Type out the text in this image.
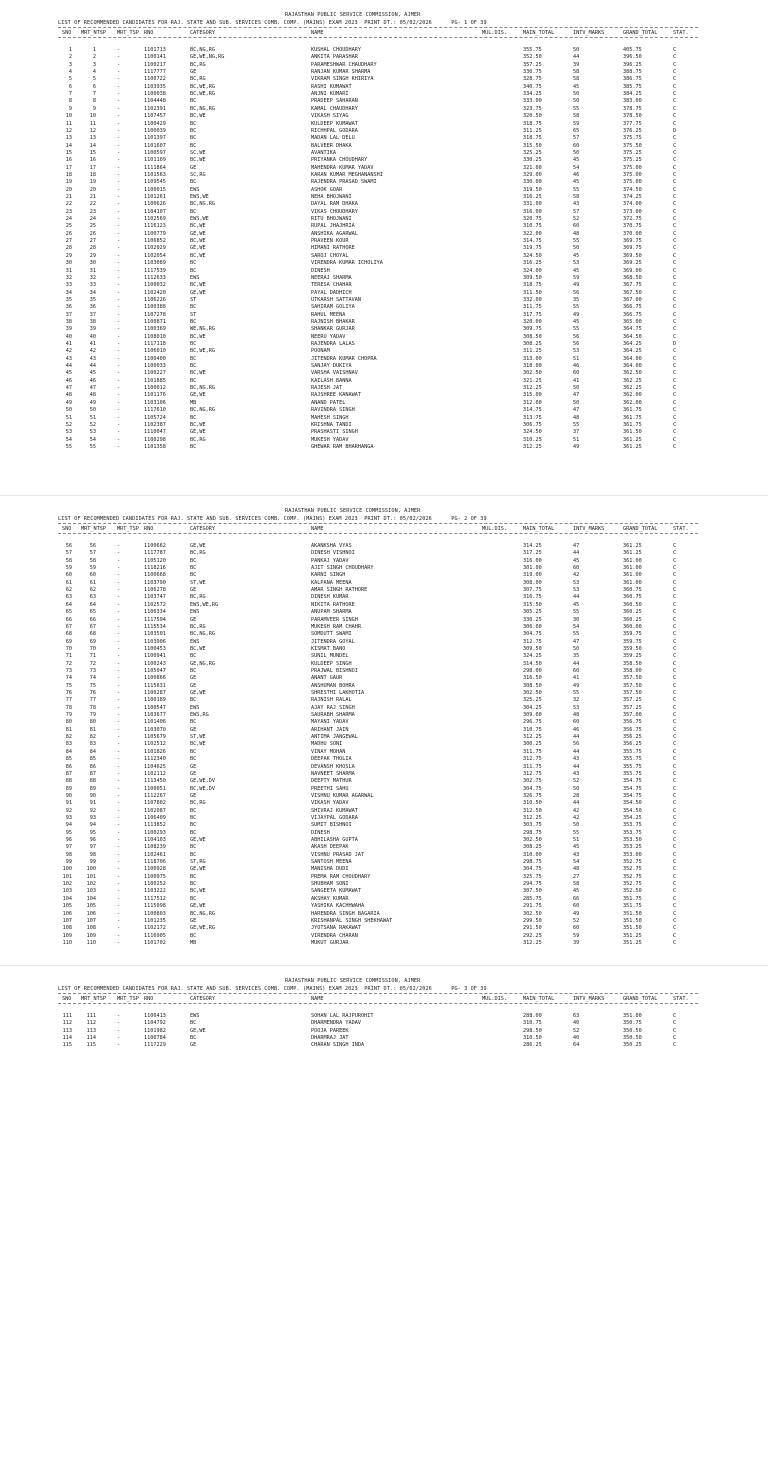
RAJASTHAN PUBLIC SERVICE COMMISSION, AJMER
LIST OF RECOMMENDED CANDIDATES FOR RAJ. STATE AND SUB. SERVICES COMB. COMP. (MAINS) EXAM 2023 PRINT DT.: 05/02/2026	PG- 1 OF 39
SNO MRT_NTSP MRT_TSP RNO	CATEGORY	NAME	MUL.DIS.	MAIN_TOTAL	INTV_MARKS	GRAND_TOTAL	STAT.
1	1	-	1101713	BC,NG,RG	KUSHAL CHOUDHARY	355.75	50	405.75	C
2	2	-	1100141	GE,WE,NG,RG	ANKITA PARASHAR	352.50	44	396.50	C
3	3	-	1100217	BC,RG	PARAMESHWAR CHAUDHARY	357.25	39	396.25	C
4	4	-	1117777	GE	RANJAN KUMAR SHARMA	330.75	58	388.75	C
5	5	-	1100722	BC,RG	VIKRAM SINGH KHIRIYA	328.75	58	386.75	C
6	6	-	1103935	BC,WE,RG	RASHI KUMAWAT	340.75	45	385.75	C
7	7	-	1100038	BC,WE,RG	ANJNI KUMARI	334.25	50	384.25	C
8	8	-	1104448	BC	PRADEEP SAHARAN	333.00	50	383.00	C
9	9	-	1102391	BC,NG,RG	KAMAL CHAUDHARY	323.75	55	378.75	C
10	10	-	1107457	BC,WE	VIKASH SIYAG	320.50	58	378.50	C
11	11	-	1100429	BC	KULDEEP KUMAWAT	318.75	59	377.75	C
12	12	-	1100039	BC	RICHHPAL GODARA	311.25	65	376.25	D
13	13	-	1101397	BC	MADAN LAL DELU	318.75	57	375.75	C
14	14	-	1101607	BC	BALVEER DHAKA	315.50	60	375.50	C
15	15	-	1100597	SC,WE	AVANTIKA	325.25	50	375.25	C
16	16	-	1101109	BC,WE	PRIYANKA CHOUDHARY	330.25	45	375.25	C
17	17	-	1111864	GE	MAHENDRA KUMAR YADAV	321.00	54	375.00	C
18	18	-	1101563	SC,RG	KARAN KUMAR MEGHANANSHI	329.00	46	375.00	C
19	19	-	1109545	BC	RAJENDRA PRASAD SWAMI	330.00	45	375.00	C
20	20	-	1100015	EWS	ASHOK GOAR	319.50	55	374.50	C
21	21	-	1101261	EWS,WE	NEHA BHOJWANI	316.25	58	374.25	C
22	22	-	1100626	BC,NG,RG	DAYAL RAM DHAKA	331.00	43	374.00	C
23	23	-	1104107	BC	VIKAS CHOUDHARY	316.00	57	373.00	C
24	24	-	1102569	EWS,WE	RITU BHOJWANI	320.75	52	372.75	C
25	25	-	1116123	BC,WE	RUPAL JHAJHRIA	310.75	60	370.75	C
26	26	-	1100779	GE,WE	ANSHIKA AGARWAL	322.00	48	370.00	C
27	27	-	1106852	BC,WE	PRAVEEN KOUR	314.75	55	369.75	C
28	28	-	1102029	GE,WE	HIMANI RATHORE	319.75	50	369.75	C
29	29	-	1102054	BC,WE	SAROJ CHOYAL	324.50	45	369.50	C
30	30	-	1103089	BC	VIRENDRA KUMAR ICHOLIYA	316.25	53	369.25	C
31	31	-	1117539	BC	DINESH	324.00	45	369.00	C
32	32	-	1112633	EWS	NEERAJ SHARMA	309.50	59	368.50	C
33	33	-	1100032	BC,WE	TERESA CHAHAR	318.75	49	367.75	C
34	34	-	1102420	GE,WE	PAYAL DADHICH	311.50	56	367.50	C
35	35	-	1106226	ST	UTKARSH SATTAVAN	332.00	35	367.00	C
36	36	-	1100388	BC	SAHIRAM GOLIYA	311.75	55	366.75	C
37	37	-	1107278	ST	RAHUL MEENA	317.75	49	366.75	C
38	38	-	1100871	BC	RAJNISH BHAKAR	320.00	45	365.00	C
39	39	-	1100369	WE,NG,RG	SHANKAR GURJAR	309.75	55	364.75	C
40	40	-	1108010	BC,WE	NEERU YADAV	308.50	56	364.50	C
41	41	-	1117118	BC	RAJENDRA LALAS	308.25	56	364.25	D
42	42	-	1106010	BC,WE,RG	POONAM	311.25	53	364.25	C
43	43	-	1100400	BC	JITENDRA KUMAR CHOPRA	313.00	51	364.00	C
44	44	-	1100033	BC	SANJAY DUKIYA	318.00	46	364.00	C
45	45	-	1100227	BC,WE	VARSHA VAISHNAV	302.50	60	362.50	C
46	46	-	1101885	BC	KAILASH BANNA	321.25	41	362.25	C
47	47	-	1100012	BC,NG,RG	RAJESH JAT	312.25	50	362.25	C
48	48	-	1101176	GE,WE	RAJSHREE KANAWAT	315.00	47	362.00	C
49	49	-	1103106	MB	ANAND PATEL	312.00	50	362.00	C
50	50	-	1117610	BC,NG,RG	RAVINDRA SINGH	314.75	47	361.75	C
51	51	-	1105724	BC	MAHESH SINGH	313.75	48	361.75	C
52	52	-	1102387	BC,WE	KRISHNA TANDI	306.75	55	361.75	C
53	53	-	1110047	GE,WE	PRASHASTI SINGH	324.50	37	361.50	C
54	54	-	1100298	BC,RG	MUKESH YADAV	310.25	51	361.25	C
55	55	-	1101358	BC	GHEWAR RAM BHARHANGA	312.25	49	361.25	C
RAJASTHAN PUBLIC SERVICE COMMISSION, AJMER
LIST OF RECOMMENDED CANDIDATES FOR RAJ. STATE AND SUB. SERVICES COMB. COMP. (MAINS) EXAM 2023 PRINT DT.: 05/02/2026	PG- 2 OF 39
SNO MRT_NTSP MRT_TSP RNO	CATEGORY	NAME	MUL.DIS.	MAIN_TOTAL	INTV_MARKS	GRAND_TOTAL	STAT.
56	56	-	1100662	GE,WE	AKANKSHA VYAS	314.25	47	361.25	C
57	57	-	1117787	BC,RG	DINESH VISHNOI	317.25	44	361.25	C
58	58	-	1105120	BC	PANKAJ YADAV	316.00	45	361.00	C
59	59	-	1118216	BC	AJIT SINGH CHOUDHARY	301.00	60	361.00	C
60	60	-	1100668	BC	KARNI SINGH	319.00	42	361.00	C
61	61	-	1103790	ST,WE	KALPANA MEENA	308.00	53	361.00	C
62	62	-	1106278	GE	AMAR SINGH RATHORE	307.75	53	360.75	C
63	63	-	1103747	BC,RG	DINESH KUMAR	316.75	44	360.75	C
64	64	-	1102572	EWS,WE,RG	NIKITA RATHORE	315.50	45	360.50	C
65	65	-	1106334	EWS	ANUPAM SHARMA	305.25	55	360.25	C
66	66	-	1117594	GE	PARAMVEER SINGH	330.25	30	360.25	C
67	67	-	1115534	BC,RG	MUKESH RAM CHAHR	306.00	54	360.00	C
68	68	-	1103501	BC,NG,RG	SOMDUTT SWAMI	304.75	55	359.75	C
69	69	-	1103906	EWS	JITENDRA GOYAL	312.75	47	359.75	C
70	70	-	1100453	BC,WE	KISMAT BANO	309.50	50	359.50	C
71	71	-	1100941	BC	SUNIL MUNDEL	324.25	35	359.25	C
72	72	-	1100243	GE,NG,RG	KULDEEP SINGH	314.50	44	358.50	C
73	73	-	1105047	BC	PRAJWAL BISHNOI	298.00	60	358.00	C
74	74	-	1100866	GE	ANANT GAUR	316.50	41	357.50	C
75	75	-	1115631	GE	ANSHUMAN BOHRA	308.50	49	357.50	C
76	76	-	1100287	GE,WE	SHRESTHI LAKHOTIA	302.50	55	357.50	C
77	77	-	1100189	BC	RAJNISH RALAL	325.25	32	357.25	C
78	78	-	1100547	EWS	AJAY RAJ SINGH	304.25	53	357.25	C
79	79	-	1103677	EWS,RG	SAURABH SHARMA	309.00	48	357.00	C
80	80	-	1101406	BC	MAYANI YADAV	296.75	60	356.75	C
81	81	-	1103070	GE	ARIHANT JAIN	310.75	46	356.75	C
82	82	-	1105679	ST,WE	ANTIMA JANGEWAL	312.25	44	356.25	C
83	83	-	1102512	BC,WE	MADHU SONI	300.25	56	356.25	C
84	84	-	1101826	BC	VINAY MOHAN	311.75	44	355.75	C
85	85	-	1112340	BC	DEEPAK THOLIA	312.75	43	355.75	C
86	86	-	1104625	GE	DEVANSH KHOSLA	311.75	44	355.75	C
87	87	-	1102112	GE	NAVNEET SHARMA	312.75	43	355.75	C
88	88	-	1113450	GE,WE,DV	DEEPTY MATHUR	302.75	52	354.75	C
89	89	-	1100051	BC,WE,DV	PREETHI SAHU	304.75	50	354.75	C
90	90	-	1112267	GE	VISHNU KUMAR AGARWAL	326.75	28	354.75	C
91	91	-	1107802	BC,RG	VIKASH YADAV	310.50	44	354.50	C
92	92	-	1102087	BC	SHIVRAJ KUMAWAT	312.50	42	354.50	C
93	93	-	1106409	BC	VIJAYPAL GODARA	312.25	42	354.25	C
94	94	-	1113852	BC	SUMIT BISHNOI	303.75	50	353.75	C
95	95	-	1100293	BC	DINESH	298.75	55	353.75	C
96	96	-	1104103	GE,WE	ABHILASHA GUPTA	302.50	51	353.50	C
97	97	-	1108239	BC	AKASH DEEPAK	308.25	45	353.25	C
98	98	-	1102461	BC	VISHNU PRASAD JAT	310.00	43	353.00	C
99	99	-	1118706	ST,RG	SANTOSH MEENA	298.75	54	352.75	C
100	100	-	1100928	GE,WE	MANISHA DUDI	304.75	48	352.75	C
101	101	-	1100975	BC	PREMA RAM CHOUDHARY	325.75	27	352.75	C
102	102	-	1100252	BC	SHUBHAM SONI	294.75	58	352.75	C
103	103	-	1103222	BC,WE	SANGEETA KUMAWAT	307.50	45	352.50	C
104	104	-	1117512	BC	AKSHAY KUMAR	285.75	66	351.75	C
105	105	-	1115098	GE,WE	YASHIKA KACHHWAHA	291.75	60	351.75	C
106	106	-	1100803	BC,NG,RG	HARENDRA SINGH BAGARIA	302.50	49	351.50	C
107	107	-	1101235	GE	KRISHANPAL SINGH SHEKHAWAT	299.50	52	351.50	C
108	108	-	1102172	GE,WE,RG	JYOTSANA RAKAWAT	291.50	60	351.50	C
109	109	-	1116905	BC	VIRENDRA CHARAN	292.25	59	351.25	C
110	110	-	1101702	MB	MUKUT GURJAR	312.25	39	351.25	C
RAJASTHAN PUBLIC SERVICE COMMISSION, AJMER
LIST OF RECOMMENDED CANDIDATES FOR RAJ. STATE AND SUB. SERVICES COMB. COMP. (MAINS) EXAM 2023 PRINT DT.: 05/02/2026	PG- 3 OF 39
SNO MRT_NTSP MRT_TSP RNO	CATEGORY	NAME	MUL.DIS.	MAIN_TOTAL	INTV_MARKS	GRAND_TOTAL	STAT.
111	111	-	1106413	EWS	SOHAN LAL RAJPUROHIT	288.00	63	351.00	C
112	112	-	1104792	BC	DHARMENDRA YADAV	310.75	40	350.75	C
113	113	-	1101982	GE,WE	POOJA PAREEK	298.50	52	350.50	C
114	114	-	1100784	BC	DHARMRAJ JAT	310.50	40	350.50	C
115	115	-	1117229	GE	CHARAN SINGH INDA	286.25	64	350.25	C
